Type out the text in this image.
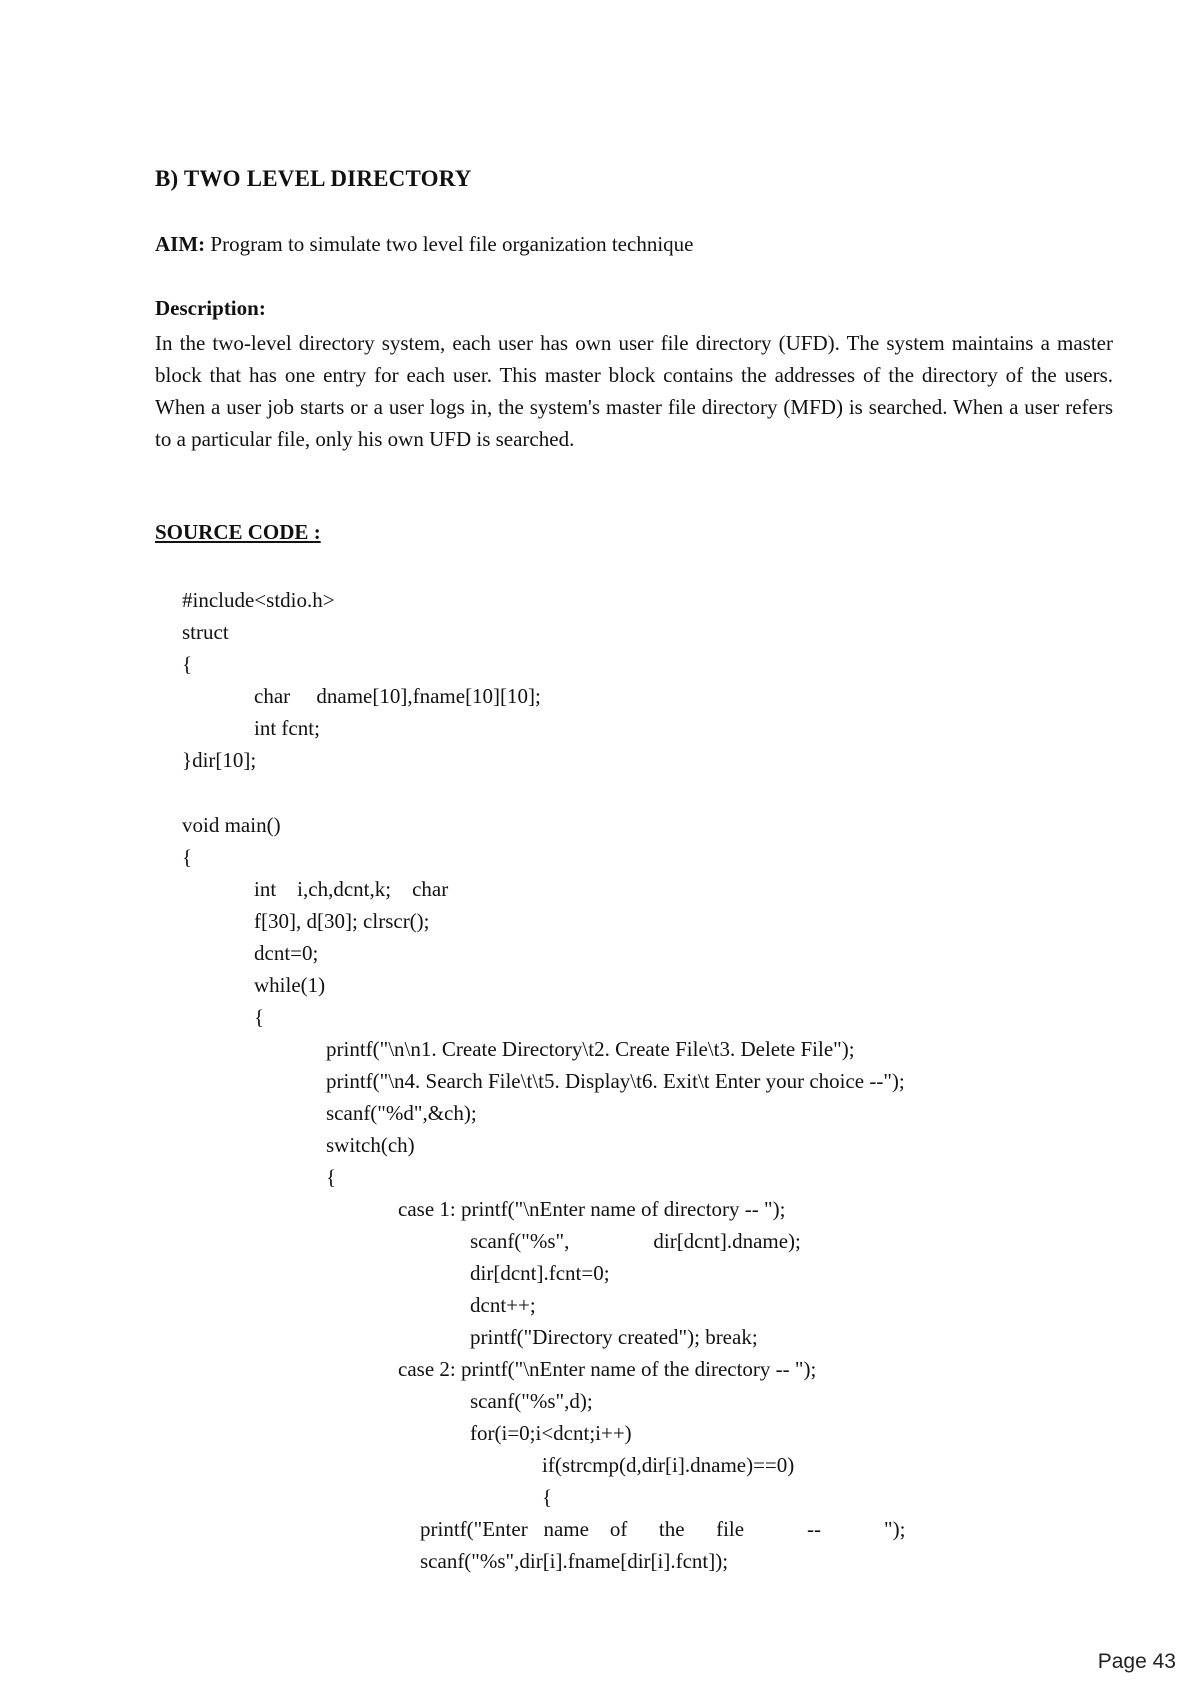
B) TWO LEVEL DIRECTORY
AIM: Program to simulate two level file organization technique
Description:
In the two-level directory system, each user has own user file directory (UFD). The system maintains a master block that has one entry for each user. This master block contains the addresses of the directory of the users. When a user job starts or a user logs in, the system's master file directory (MFD) is searched. When a user refers to a particular file, only his own UFD is searched.
SOURCE CODE :
#include<stdio.h>
struct
{
char     dname[10],fname[10][10];
int fcnt;
}dir[10];
void main()
{
int    i,ch,dcnt,k;    char
f[30], d[30]; clrscr();
dcnt=0;
while(1)
{
printf("\n\n1. Create Directory\t2. Create File\t3. Delete File");
printf("\n4. Search File\t\t5. Display\t6. Exit\t Enter your choice --");
scanf("%d",&ch);
switch(ch)
{
case 1: printf("\nEnter name of directory -- ");
scanf("%s",                dir[dcnt].dname);
dir[dcnt].fcnt=0;
dcnt++;
printf("Directory created"); break;
case 2: printf("\nEnter name of the directory -- ");
scanf("%s",d);
for(i=0;i<dcnt;i++)
if(strcmp(d,dir[i].dname)==0)
{
printf("Enter   name    of      the      file            --            ");
scanf("%s",dir[i].fname[dir[i].fcnt]);
Page 43
